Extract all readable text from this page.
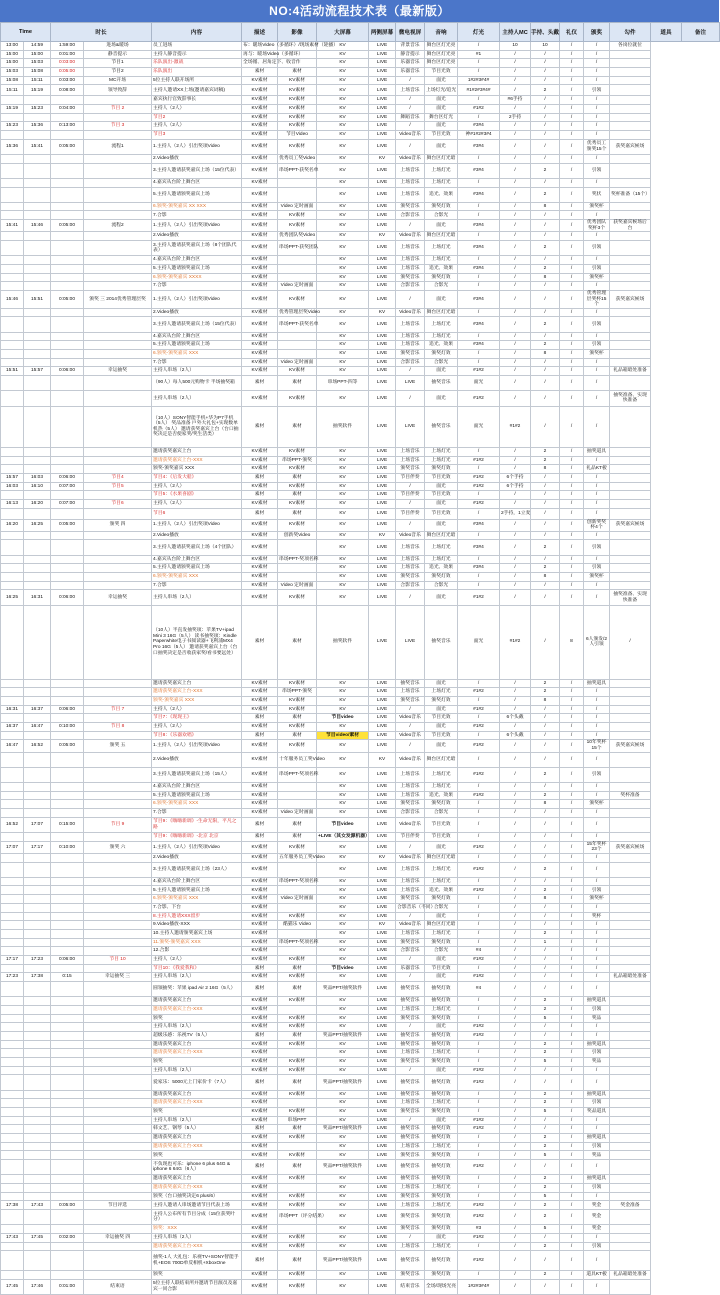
NO:4活动流程技术表（最新版）
Time		时长		内容	描述	影像	大屏幕	两侧屏幕	微电视屏	音响	灯光	主持人MC	手持、头戴	礼仪	颁奖	勾件	道具	备注
13:00	14:59	1:59:00	进场&暖场	员工进场	布：暖场Video（多循环）/现场素材（轮播）		KV	LIVE	背景音乐	舞台区灯光亮	/	10	10	/	/	各岗位就位		
15:00	15:00	0:01:00	静音提示	主持人静音提示	再与：暖场Video（多循环）		KV	LIVE	静音提示	舞台区灯光亮	#1	/	/	/	/			
15:00	15:03	0:03:00	节目1	乐队演出-激战	全场循、居角定下、收音作		KV	LIVE	乐器音乐	舞台区灯光亮	/	/	/	/	/			
15:03	15:08	0:05:00	节目2	乐队演出	素材	素材	KV	LIVE	乐器音乐	节目光效	/	/	/	/	/			
15:08	15:11	0:03:00	MC开场	5位主持人联开场所	KV素材	KV素材	KV	LIVE	/	面光	1#2#3#4#	/	/	/	/			
15:11	15:19	0:08:00	领导致辞	主持人邀请XX上场(邀请嘉宾词稿)	KV素材	KV素材	KV	LIVE	上场音乐	上场灯光/追光	#1#2#3#4#	/	2	/	引领			
				嘉宾执行官致辞事长	KV素材	KV素材	KV	LIVE	/	面光	/	#6手持	/	/	/			
15:19	15:23	0:04:00	节目 2	主持人（2人）	KV素材	KV素材	KV	LIVE	/	面光	#1#2	/	/	/	/			
				节目2	KV素材	KV素材	KV	LIVE	舞蹈音乐	舞台区灯光	/	2手持	/	/	/			
15:23	15:36	0:13:00	节目 3	主持人（2人）	KV素材	KV素材	KV	LIVE	/	面光	#3#4	/	/	/	/			
				节目3	KV素材	节目Video	KV	LIVE	Video音乐	节目光效	神#1#2#3#4	/	/	/	/			
15:36	15:41	0:05:00	流程1	1.主持人（2人）引出奖项Video	KV素材	KV素材	KV	LIVE	/	面光	#3#4	/	/	/	优秀员工颁奖15个	获奖嘉宾候场		
				2.Video播放	KV素材	优秀员工奖Video	KV	KV	Video音乐	舞台区灯光暗	/	/	/	/	/			
				3.主持人邀请获奖嘉宾上场（15位代表）	KV素材	串场PPT-获奖名单	KV	LIVE	上场音乐	上场灯光	#3#4	/	2	/	引领			
				4.嘉宾从台阶上舞台区	KV素材		KV	LIVE	上场音乐	上场灯光	/	/	/	/	/			
				5.主持人邀请颁奖嘉宾上场	KV素材		KV	LIVE	上场音乐	追光、效果	#3#4	/	2	/	奖状	奖杯准备（15个）		
				6.颁奖-颁奖嘉宾 XX XXX	KV素材	Video 定时画面	KV	LIVE	颁奖音乐	颁奖灯效	/	/	8	/	颁奖杯			
				7.合影	KV素材	KV素材	KV	LIVE	合影音乐	合影光	/	/	/	/	/			
15:41	15:46	0:05:00	流程2	1.主持人（2人）引出奖项Video	KV素材	KV素材	KV	LIVE	/	面光	#3#4	/	/	/	优秀团队奖杯3个	获奖嘉宾候场后台		
				2.Video播放	KV素材	优秀团队奖Video	KV	KV	Video音乐	舞台区灯光暗	/	/	/	/	/			
				3.主持人邀请获奖嘉宾上场（8个团队代表）	KV素材	串场PPT-获奖团队	KV	LIVE	上场音乐	上场灯光	#3#4	/	2	/	引领			
				4.嘉宾从台阶上舞台区	KV素材		KV	LIVE	上场音乐	上场灯光	/	/	/	/	/			
				5.主持人邀请颁奖嘉宾上场	KV素材		KV	LIVE	上场音乐	追光、效果	#3#4	/	2	/	引领			
				6.颁奖-颁奖嘉宾 XXXX	KV素材		KV	LIVE	颁奖音乐	颁奖灯效	/	/	8	/	颁奖杯			
				7.合影	KV素材	Video 定时画面	KV	LIVE	合影音乐	合影光	/	/	/	/	/			
15:46	15:51	0:05:00	颁奖 三 2014优秀管理层奖	1.主持人（2人）引出奖项Video	KV素材	KV素材	KV	LIVE	/	面光	#3#4	/	/	/	优秀管理层奖杯15个	获奖嘉宾候场		
				2.Video播放	KV素材	优秀管理层奖Video	KV	KV	Video音乐	舞台区灯光暗	/	/	/	/	/			
				3.主持人邀请获奖嘉宾上场（15位代表）	KV素材	串场PPT-获奖名单	KV	LIVE	上场音乐	上场灯光	#3#4	/	2	/	引领			
				4.嘉宾从台阶上舞台区	KV素材		KV	LIVE	上场音乐	上场灯光	/	/	/	/	/			
				5.主持人邀请颁奖嘉宾上场	KV素材		KV	LIVE	上场音乐	追光、效果	#3#4	/	2	/	引领			
				6.颁奖-颁奖嘉宾 XXX	KV素材		KV	LIVE	颁奖音乐	颁奖灯效	/	/	8	/	颁奖杯			
				7.合影	KV素材	Video 定时画面	KV	LIVE	合影音乐	合影光	/	/	/	/	/			
15:51	15:57	0:06:00	幸运抽奖	主持人串场（2人）	KV素材	KV素材	KV	LIVE	/	面光	#1#2	/	/	/	/	礼品箱暗处准备		
				（90人）每人500元购物卡 半场抽奖箱	素材	素材	串场PPT-四等	LIVE	LIVE	抽奖音乐	面光	/	/	/	/			
				主持人串场（2人）	KV素材	KV素材	KV	LIVE	/	面光	#1#2	/	/	/	/	抽奖准备、实现快准备		
				（10人）SONY智能手机+华为P7手机（5人） 奖品准备 戶外大礼包+实现数单机热（5人） 邀请获奖嘉宾上台（台口抽奖决定是否使家奖/奖生活类）	素材	素材	抽奖软件	LIVE	LIVE	抽奖音乐	面光	#1#2	/	/	/			
				邀请获奖嘉宾上台	KV素材	KV素材	KV	LIVE	上场音乐	上场灯光	/	/	2	/	抽奖道具			
				邀请获奖嘉宾上台-XXX	KV素材	串场PPT-颁奖	KV	LIVE	上场音乐	上场灯光	#1#2	/	2	/	/			
				颁奖-颁奖嘉宾 XXX	KV素材	KV素材	KV	LIVE	颁奖音乐	颁奖灯效	/	/	8	/	礼品KT板			
15:57	16:03	0:06:00	节目4	节目4：《后发大船》	素材	素材	KV	LIVE	节目伴奏	节目光效	#1#2	6个手持	/	/	/			
16:03	16:10	0:07:00	节目5	主持人（2人）	KV素材	KV素材	KV	LIVE	/	面光	#1#2	6个手持	/	/	/			
				节目5：《水果喜剧》	素材	素材	KV	LIVE	节目伴奏	节目光效	/	/	/	/	/			
16:13	16:20	0:07:00	节目6	主持人（2人）	KV素材	KV素材	KV	LIVE	/	面光	#1#2	/	/	/	/			
				节目6	素材	素材	KV	LIVE	节目伴奏	节目光效	/	2手持，1立麦	/	/	/			
16:20	16:25	0:05:00	颁奖 四	1.主持人（2人）引出奖项Video	KV素材	KV素材	KV	LIVE	/	面光	#3#4	/	/	/	创新奖奖杯4个	获奖嘉宾候场		
				2.Video播放	KV素材	创新奖Video	KV	KV	Video音乐	舞台区灯光暗	/	/	/	/	/			
				3.主持人邀请获奖嘉宾上场（4个团队）	KV素材		KV	LIVE	上场音乐	上场灯光	#3#4	/	2	/	引领			
				4.嘉宾从台阶上舞台区	KV素材	串场PPT-奖项名称	KV	LIVE	上场音乐	上场灯光	/	/	/	/	/			
				5.主持人邀请颁奖嘉宾上场	KV素材		KV	LIVE	上场音乐	追光、效果	#3#4	/	2	/	引领			
				6.颁奖-颁奖嘉宾 XXX	KV素材		KV	LIVE	颁奖音乐	颁奖灯效	/	/	8	/	颁奖杯			
				7.合影	KV素材	Video 定时画面	KV	LIVE	合影音乐	合影光	/	/	/	/	/			
16:25	16:31	0:06:00	幸运抽奖	主持人串场（2人）	KV素材	KV素材	KV	LIVE	/	面光	#1#2	/	/	/	/	抽奖准备、实现快准备		
				（10人）半直发抽奖项：苹果TV+ipad Mini 3 16G（5人） 读书抽奖项：Kindle Paperwhite电子书阅读器+飞利浦MX4 Pro 16G（5人） 邀请获奖嘉宾上台（台口抽奖决定是否收获家奖/看书要远处）	素材	素材	抽奖软件	LIVE	LIVE	抽奖音乐	面光	#1#2	/	8	6人颁发/2人引领	/		
				邀请获奖嘉宾上台	KV素材	KV素材	KV	LIVE	抽奖音乐	面光	/	/	2	/	抽奖道具			
				邀请获奖嘉宾上台-XXX	KV素材	串场PPT-颁奖	KV	LIVE	上场音乐	上场灯光	#1#2	/	2	/	/			
				颁奖-颁奖嘉宾 XXX	KV素材	KV素材	KV	LIVE	颁奖音乐	颁奖灯效	/	/	8	/	/			
16:31	16:37	0:06:00	节目 7	主持人（2人）	KV素材	KV素材	KV	LIVE	/	面光	#1#2	/	/	/	/			
				节目7：《现现王》	素材	素材	节目video	LIVE	Video音乐	节目光效	/	6个头戴	/	/	/			
16:37	16:47	0:10:00	节目 8	主持人（2人）	KV素材	KV素材	KV	LIVE	/	面光	#1#2	/	/	/	/			
				节目8：《乐器欢唱》	素材	素材	节目video/素材	LIVE	Video音乐	节目光效	/	6个头戴	/	/	/			
16:47	16:52	0:05:00	颁奖 五	1.主持人（2人）引出奖项Video	KV素材	KV素材	KV	LIVE	/	面光	#1#2	/	/	/	10年奖杯15个	获奖嘉宾候场		
				2.Video播放	KV素材	十年服务员工奖Video	KV	KV	Video音乐	舞台区灯光暗	/	/	/	/	/			
				3.主持人邀请获奖嘉宾上场（15人）	KV素材	串场PPT-奖项名称	KV	LIVE	上场音乐	上场灯光	#1#2	/	2	/	引领			
				4.嘉宾从台阶上舞台区	KV素材		KV	LIVE	上场音乐	上场灯光	/	/	/	/	/			
				5.主持人邀请颁奖嘉宾上场	KV素材		KV	LIVE	上场音乐	追光、效果	#1#2	/	2	/	/	奖杯准备		
				6.颁奖-颁奖嘉宾 XXX	KV素材		KV	LIVE	颁奖音乐	颁奖灯效	/	/	8	/	颁奖杯			
				7.合影	KV素材	Video 定时画面	KV	LIVE	合影音乐	合影光	/	/	/	/	/			
16:52	17:07	0:15:00	节目 9	节目9：《嗨嗨新调》-生命无限，平凡之路	素材	素材	节目video	LIVE	Video音乐	节目光效	/	/	/	/	/			
				节目9：《嗨嗨新调》-北京 北京	素材	素材	+LIVE（其女发源机器）	LIVE	节目伴奏	节目光效	/	/	/	/	/			
17:07	17:17	0:10:00	颁奖 六	1.主持人（2人）引出奖项Video	KV素材	KV素材	KV	LIVE	/	面光	#1#2	/	/	/	15年奖杯23个	获奖嘉宾候场		
				2.Video播放	KV素材	五年服务员工奖Video	KV	KV	Video音乐	舞台区灯光暗	/	/	/	/	/			
				3.主持人邀请获奖嘉宾上场（23人）	KV素材		KV	LIVE	上场音乐	上场灯光	#1#2	/	2	/	/			
				4.嘉宾从台阶上舞台区	KV素材	串场PPT-奖项名称	KV	LIVE	上场音乐	上场灯光	/	/	/	/	/			
				5.主持人邀请颁奖嘉宾上场	KV素材		KV	LIVE	上场音乐	追光、效果	#1#2	/	2	/	引领			
				6.颁奖-颁奖嘉宾 XXX	KV素材	Video 定时画面	KV	LIVE	颁奖音乐	颁奖灯效	/	/	8	/	颁奖杯			
				7.合影、下台	KV素材		KV	LIVE	合影音乐（不同）	合影光	/	/	/	/	/			
				8.主持人邀请XXX留步	KV素材	KV素材	KV	LIVE	/	面光	/	/	/	/	奖杯			
				9.Video播放-XXX	KV素材	酷猫乐 Video	KV	KV	Video音乐	舞台区灯光暗	/	/	/	/	/			
				10.主持人邀请颁奖嘉宾上场	KV素材		KV	LIVE	上场音乐	上场灯光	/	/	2	/	/			
				11.颁奖-颁奖嘉宾 XXX	KV素材	串场PPT-奖项名称	KV	LIVE	颁奖音乐	颁奖灯效	/	/	1	/	/			
				12.合影	KV素材		KV	LIVE	合影音乐	合影光	#4	/	/	/	/			
17:17	17:23	0:06:00	节目 10	主持人（2人）	KV素材	KV素材	KV	LIVE	/	面光	#1#2	/	/	/	/			
				节目10：《我爱我和》	素材	素材	节目video	LIVE	乐器音乐	节目光效	/	/	/	/	/			
17:23	17:38	0:15	幸运抽奖 三	主持人串场（2人）	KV素材	KV素材	KV	LIVE	/	面光	#1#2	/	/	/	/	礼品箱暗处准备		
				圆领抽奖：苹果 ipad Air 2 16G（5人）	素材	素材	奖品PPT/抽奖软件	LIVE	抽奖音乐	抽奖灯效	#4	/	/	/	/			
				邀请获奖嘉宾上台	KV素材	KV素材	KV	LIVE	抽奖音乐	抽奖灯效	/	/	2	/	抽奖道具			
				邀请获奖嘉宾上台-XXX	KV素材		KV	LIVE	上场音乐	上场灯光	/	/	2	/	引领			
				颁奖	KV素材	KV素材	KV	LIVE	颁奖音乐	颁奖灯效	/	/	5	/	奖品			
				主持人串场（2人）	KV素材	KV素材	KV	LIVE	/	面光	#1#2	/	/	/	/			
				超级乐感：乐视TV（5人）	素材	素材	奖品PPT/抽奖软件	LIVE	抽奖音乐	抽奖灯效	#1#2	/	/	/	/			
				邀请获奖嘉宾上台	KV素材	KV素材	KV	LIVE	抽奖音乐	抽奖灯效	/	/	2	/	抽奖道具			
				邀请获奖嘉宾上台-XXX	KV素材		KV	LIVE	上场音乐	上场灯光	/	/	2	/	引领			
				颁奖	KV素材	KV素材	KV	LIVE	颁奖音乐	颁奖灯效	/	/	5	/	奖品			
				主持人串场（2人）	KV素材	KV素材	KV	LIVE	/	面光	#1#2	/	/	/	/			
				爱家乐：5000元上门家价卡（7人）	素材	素材	奖品PPT/抽奖软件	LIVE	抽奖音乐	抽奖灯效	#1#2	/	/	/	/			
				邀请获奖嘉宾上台	KV素材	KV素材	KV	LIVE	抽奖音乐	抽奖灯效	/	/	2	/	抽奖道具			
				邀请获奖嘉宾上台-XXX	KV素材		KV	LIVE	上场音乐	上场灯光	/	/	2	/	引领			
				颁奖	KV素材	KV素材	KV	LIVE	颁奖音乐	颁奖灯效	/	/	5	/	奖品道具			
				主持人串场（2人）	KV素材	串场PPT	KV	LIVE	/	面光	#1#2	/	/	/	/			
				韩文艺、钢琴（5人）	素材	素材	奖品PPT/抽奖软件	LIVE	抽奖音乐	抽奖灯效	#1#2	/	/	/	/			
				邀请获奖嘉宾上台	KV素材	KV素材	KV	LIVE	抽奖音乐	抽奖灯效	/	/	2	/	抽奖道具			
				邀请获奖嘉宾上台-XXX	KV素材		KV	LIVE	上场音乐	上场灯光	/	/	2	/	引领			
				颁奖	KV素材	KV素材	KV	LIVE	颁奖音乐	颁奖灯效	/	/	5	/	奖品			
				不负现也可乐：iphone 6 plus 64G & iphone 6 64G（6人）	素材	素材	奖品PPT/抽奖软件	LIVE	抽奖音乐	抽奖灯效	#1#2	/	/	/	/			
				邀请获奖嘉宾上台	KV素材	KV素材	KV	LIVE	抽奖音乐	抽奖灯效	/	/	2	/	抽奖道具			
				邀请获奖嘉宾上台-XXX	KV素材		KV	LIVE	上场音乐	上场灯光	/	/	2	/	引领			
				颁奖（台口抽奖决定6 plus/6）	KV素材	KV素材	KV	LIVE	颁奖音乐	颁奖灯效	/	/	5	/	/			
17:38	17:43	0:05:00	节目评选	主持人邀请人串场邀请节目代表上场	KV素材	KV素材	KV	LIVE	上场音乐	上场灯光	#1#2	/	2	/	奖金	奖金准备		
				主持人公布所有节目分成（15位获奖叶分）	KV素材	串场PPT（评分结果）	KV	LIVE	颁奖音乐	颁奖灯效	#1#2	/	2	/	奖金			
				颁奖：XXX	KV素材		KV	LIVE	颁奖音乐	颁奖灯效	#3	/	5	/	奖金			
17:43	17:45	0:02:00	幸运抽奖 四	主持人串场（2人）	KV素材	KV素材	KV	LIVE	/	面光	#1#2	/	/	/	/			
				邀请获奖嘉宾上台-XXX	KV素材	KV素材	KV	LIVE	上场音乐	上场灯光	/	/	2	/	引领			
				抽奖-1人 大礼包：乐视TV+SONY智能手机+EOS 700D单反相机+XboxOne	素材	素材	奖品PPT/抽奖软件	LIVE	抽奖音乐	抽奖灯效	#1#2	/	/	/	/			
				颁奖	KV素材	KV素材	KV	LIVE	颁奖音乐	颁奖灯效	/	/	2	/	道具KT板	礼品箱暗处准备		
17:45	17:46	0:01:00	结束语	5位主持人联结束所并邀请节目演员及嘉宾一同合影	KV素材	KV素材	KV	LIVE	结束音乐	全场/现场光亮	1#2#3#4#	/	/	/	/			
